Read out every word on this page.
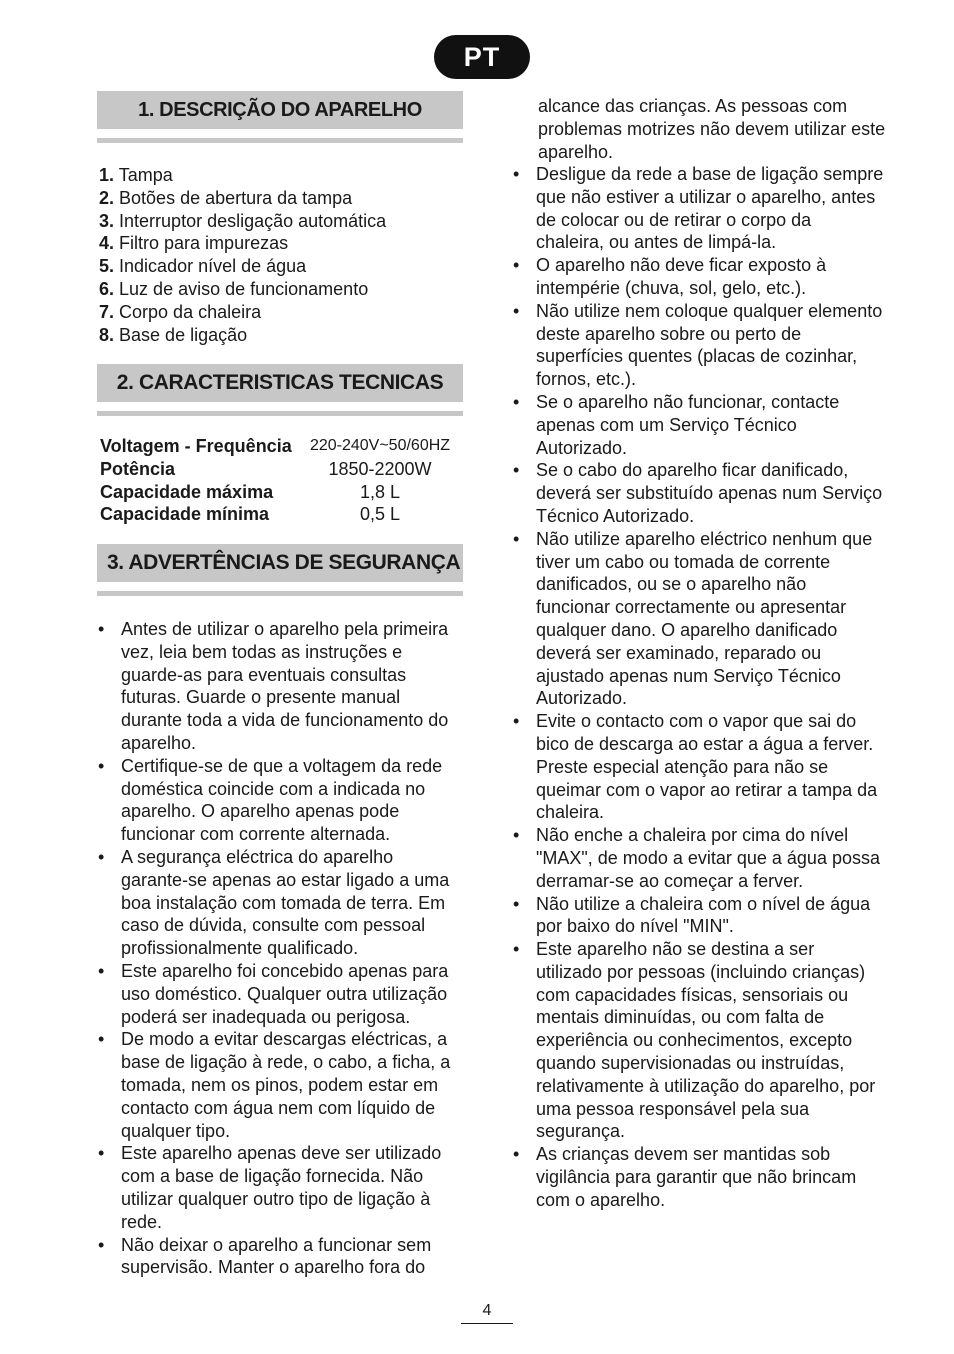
PT
1. DESCRIÇÃO DO APARELHO
1. Tampa
2. Botões de abertura da tampa
3. Interruptor desligação automática
4. Filtro para impurezas
5. Indicador nível de água
6. Luz de aviso de funcionamento
7. Corpo da chaleira
8. Base de ligação
2. CARACTERISTICAS TECNICAS
Voltagem - Frequência	220-240V~50/60HZ
Potência	1850-2200W
Capacidade máxima	1,8 L
Capacidade mínima	0,5 L
3. ADVERTÊNCIAS DE SEGURANÇA
• Antes de utilizar o aparelho pela primeira vez, leia bem todas as instruções e guarde-as para eventuais consultas futuras. Guarde o presente manual durante toda a vida de funcionamento do aparelho.
• Certifique-se de que a voltagem da rede doméstica coincide com a indicada no aparelho. O aparelho apenas pode funcionar com corrente alternada.
• A segurança eléctrica do aparelho garante-se apenas ao estar ligado a uma boa instalação com tomada de terra. Em caso de dúvida, consulte com pessoal profissionalmente qualificado.
• Este aparelho foi concebido apenas para uso doméstico. Qualquer outra utilização poderá ser inadequada ou perigosa.
• De modo a evitar descargas eléctricas, a base de ligação à rede, o cabo, a ficha, a tomada, nem os pinos, podem estar em contacto com água nem com líquido de qualquer tipo.
• Este aparelho apenas deve ser utilizado com a base de ligação fornecida. Não utilizar qualquer outro tipo de ligação à rede.
• Não deixar o aparelho a funcionar sem supervisão. Manter o aparelho fora do
alcance das crianças. As pessoas com problemas motrizes não devem utilizar este aparelho.
• Desligue da rede a base de ligação sempre que não estiver a utilizar o aparelho, antes de colocar ou de retirar o corpo da chaleira, ou antes de limpá-la.
• O aparelho não deve ficar exposto à intempérie (chuva, sol, gelo, etc.).
• Não utilize nem coloque qualquer elemento deste aparelho sobre ou perto de superfícies quentes (placas de cozinhar, fornos, etc.).
• Se o aparelho não funcionar, contacte apenas com um Serviço Técnico Autorizado.
• Se o cabo do aparelho ficar danificado, deverá ser substituído apenas num Serviço Técnico Autorizado.
• Não utilize aparelho eléctrico nenhum que tiver um cabo ou tomada de corrente danificados, ou se o aparelho não funcionar correctamente ou apresentar qualquer dano. O aparelho danificado deverá ser examinado, reparado ou ajustado apenas num Serviço Técnico Autorizado.
• Evite o contacto com o vapor que sai do bico de descarga ao estar a água a ferver. Preste especial atenção para não se queimar com o vapor ao retirar a tampa da chaleira.
• Não enche a chaleira por cima do nível "MAX", de modo a evitar que a água possa derramar-se ao começar a ferver.
• Não utilize a chaleira com o nível de água por baixo do nível "MIN".
• Este aparelho não se destina a ser utilizado por pessoas (incluindo crianças) com capacidades físicas, sensoriais ou mentais diminuídas, ou com falta de experiência ou conhecimentos, excepto quando supervisionadas ou instruídas, relativamente à utilização do aparelho, por uma pessoa responsável pela sua segurança.
• As crianças devem ser mantidas sob vigilância para garantir que não brincam com o aparelho.
4
